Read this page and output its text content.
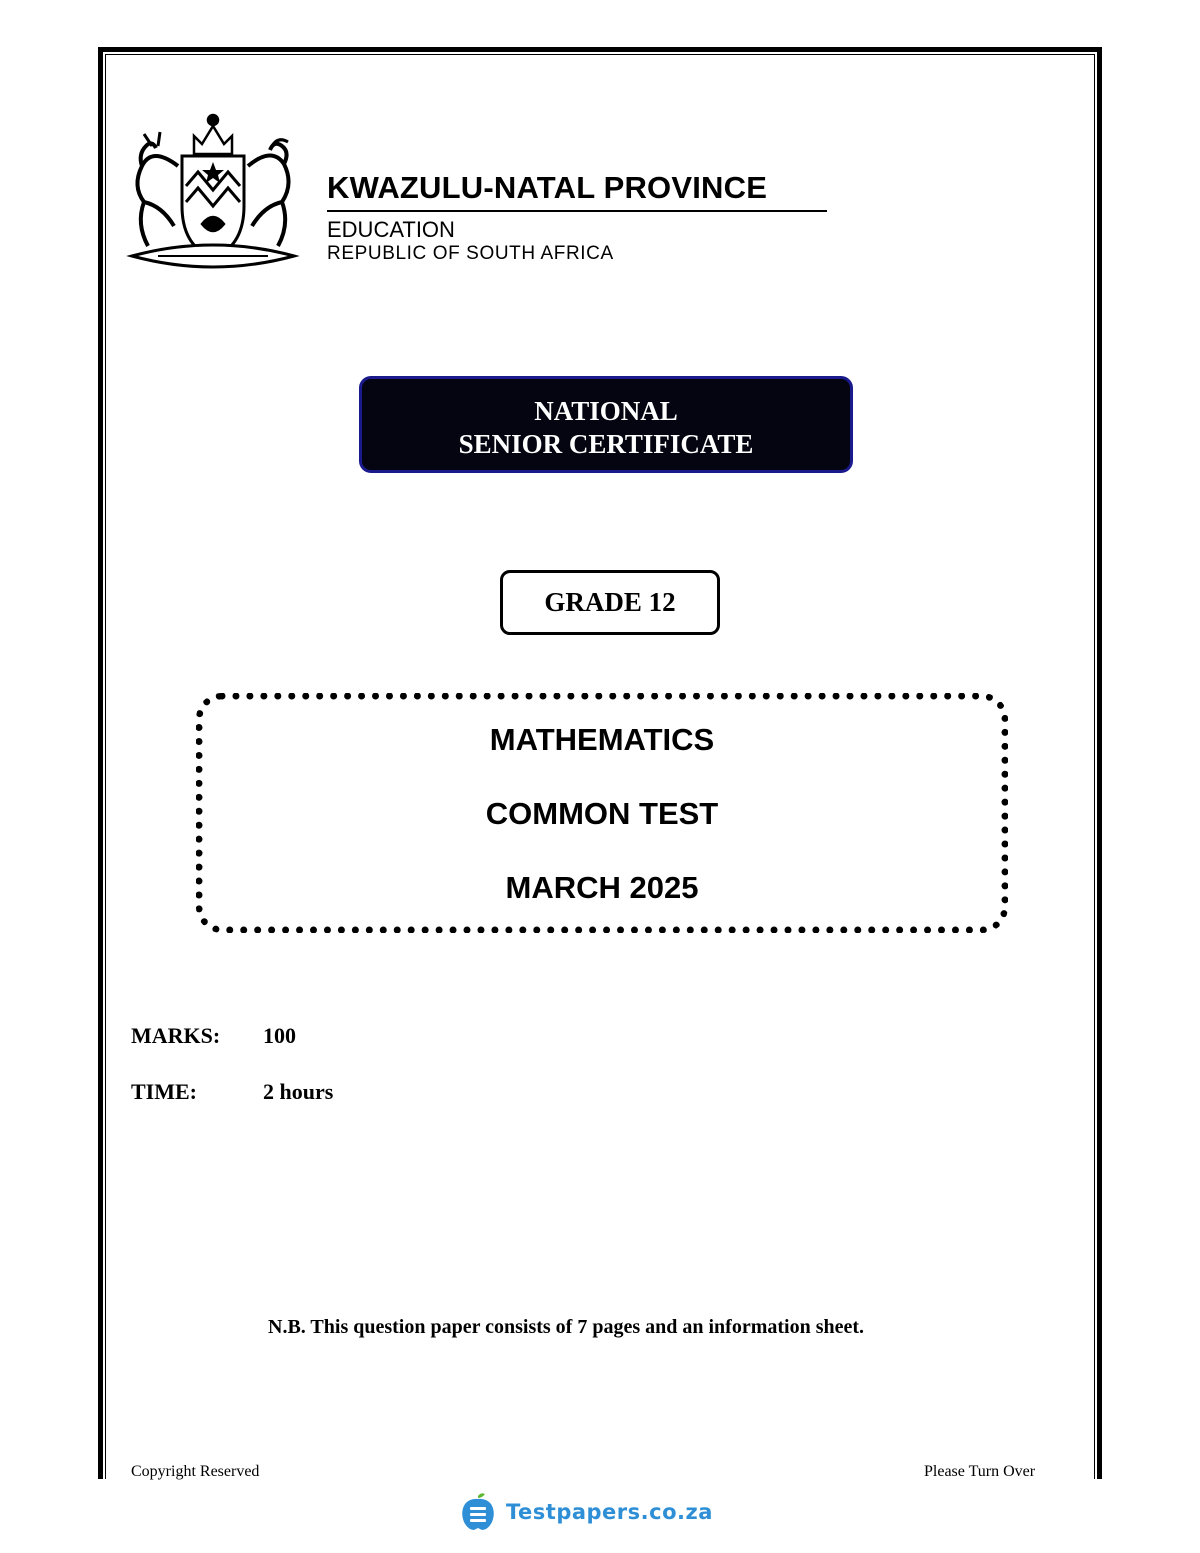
KWAZULU-NATAL PROVINCE
EDUCATION
REPUBLIC OF SOUTH AFRICA
NATIONAL
SENIOR CERTIFICATE
GRADE 12
MATHEMATICS
COMMON TEST
MARCH 2025
MARKS: 100
TIME:	2 hours
N.B. This question paper consists of 7 pages and an information sheet.
Copyright Reserved	Please Turn Over
Testpapers.co.za
